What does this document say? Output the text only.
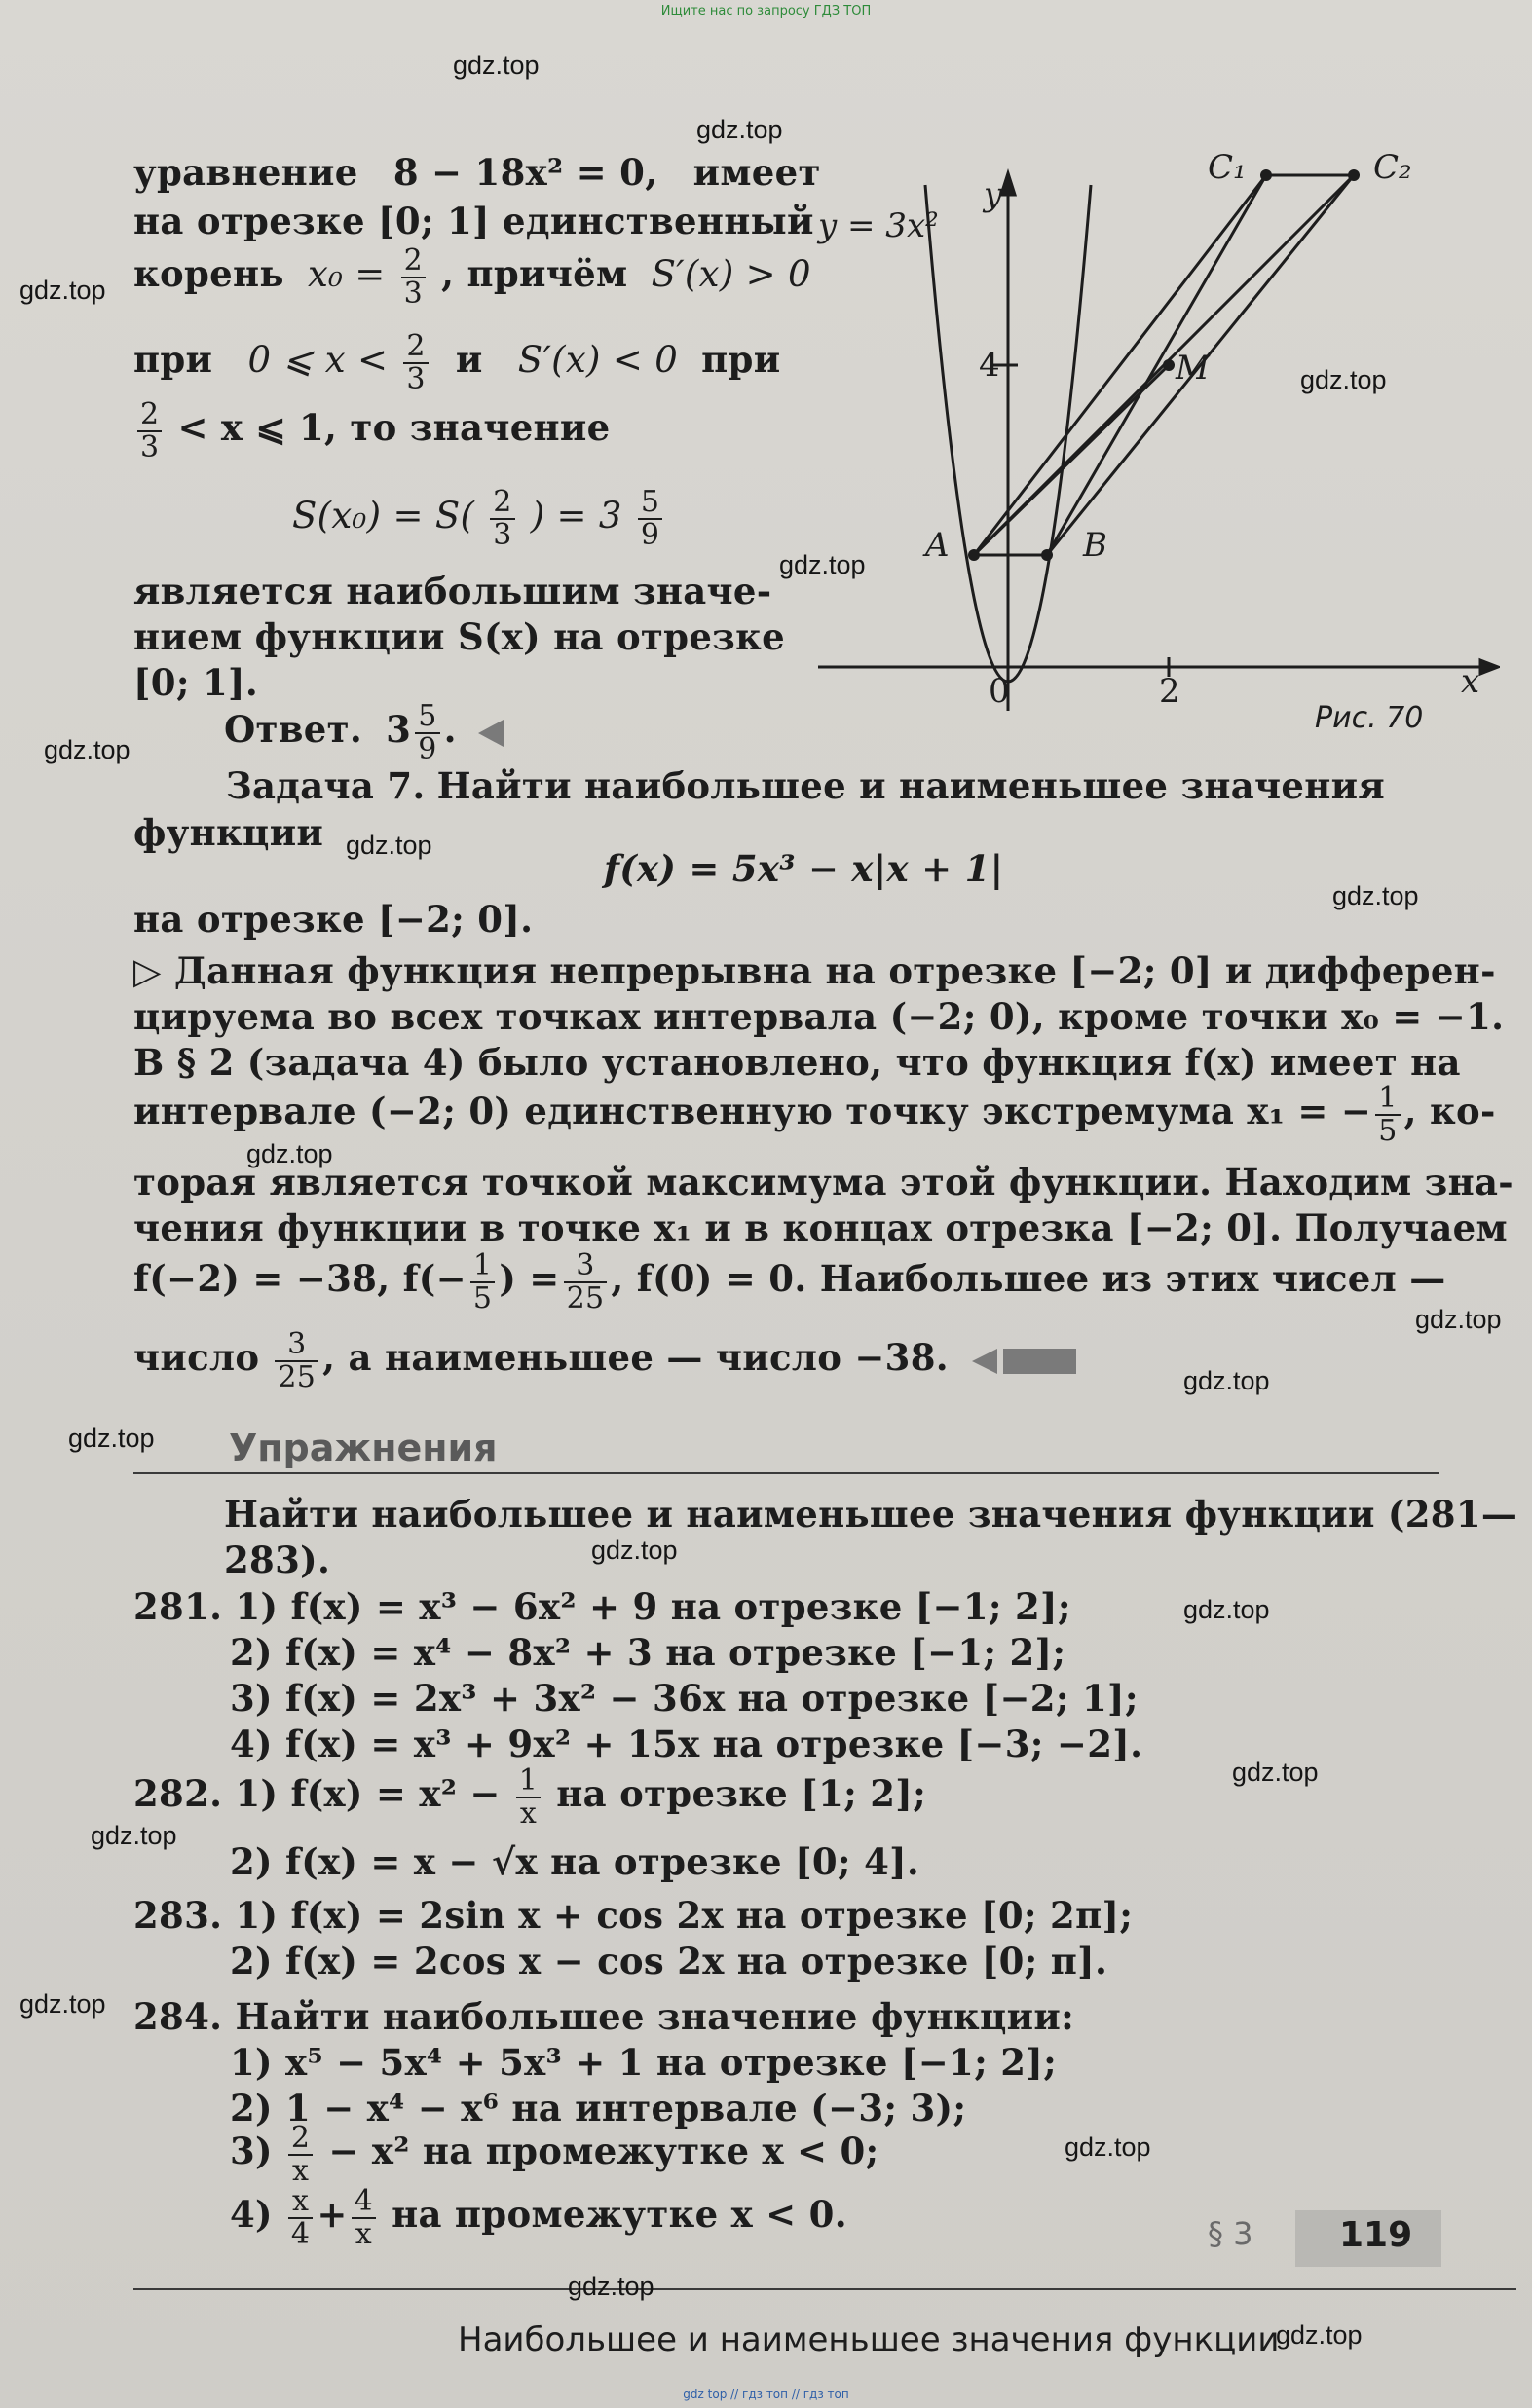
Ищите нас по запросу ГДЗ ТОП
уравнение 8 − 18x² = 0, имеет
на отрезке [0; 1] единственный
корень $x_0 = \frac{2}{3}$ , причём S′(x) > 0
при 0 ⩽ $x < \frac{2}{3}$ и S′(x) < 0 при
$\frac{2}{3} < x$ ⩽ 1, то значение
$S(x_0) = S( \frac{2}{3}$ ) = $3 \frac{5}{9}$
является наибольшим значе-
нием функции S(x) на отрезке
[0; 1].
Ответ. $3 \frac{5}{9}$ .
y = 3x²
y
x
4
2
0
A	B
M
C₁	C₂
Рис. 70
Задача 7. Найти наибольшее и наименьшее значения
функции
f(x) = 5x³ − x|x + 1|
на отрезке [−2; 0].
▷ Данная функция непрерывна на отрезке [−2; 0] и дифферен-
цируема во всех точках интервала (−2; 0), кроме точки x₀ = −1.
В § 2 (задача 4) было установлено, что функция f(x) имеет на
интервале (−2; 0) единственную точку экстремума x₁ = − $\frac{1}{5}$ , ко-
торая является точкой максимума этой функции. Находим зна-
чения функции в точке x₁ и в концах отрезка [−2; 0]. Получаем
f(−2) = −38, $f(- \frac{1}{5}$ ) = $\frac{3}{25}$ , f(0) = 0. Наибольшее из этих чисел —
число $\frac{3}{25}$ , а наименьшее — число −38.
Упражнения
Найти наибольшее и наименьшее значения функции (281—
283).
281. 1) f(x) = x³ − 6x² + 9 на отрезке [−1; 2];
2) f(x) = x⁴ − 8x² + 3 на отрезке [−1; 2];
3) f(x) = 2x³ + 3x² − 36x на отрезке [−2; 1];
4) f(x) = x³ + 9x² + 15x на отрезке [−3; −2].
282. 1) $f(x) = x^2 - \frac{1}{x}$ на отрезке [1; 2];
2) f(x) = x − √x на отрезке [0; 4].
283. 1) f(x) = 2sin x + cos 2x на отрезке [0; 2π];
2) f(x) = 2cos x − cos 2x на отрезке [0; π].
284. Найти наибольшее значение функции:
1) x⁵ − 5x⁴ + 5x³ + 1 на отрезке [−1; 2];
2) 1 − x⁴ − x⁶ на интервале (−3; 3);
$3) \frac{2}{x} - x^2$ на промежутке x < 0;
$4) \frac{x}{4} + \frac{4}{x}$ на промежутке x < 0.	§ 3 119
Наибольшее и наименьшее значения функции
gdz.top
gdz.top
gdz.top
gdz.top
gdz.top
gdz.top
gdz.top
gdz.top
gdz.top
gdz.top
gdz.top
gdz.top
gdz.top
gdz.top
gdz.top
gdz.top
gdz.top
gdz.top
gdz.top
gdz.top
gdz top // гдз топ // гдз топ
